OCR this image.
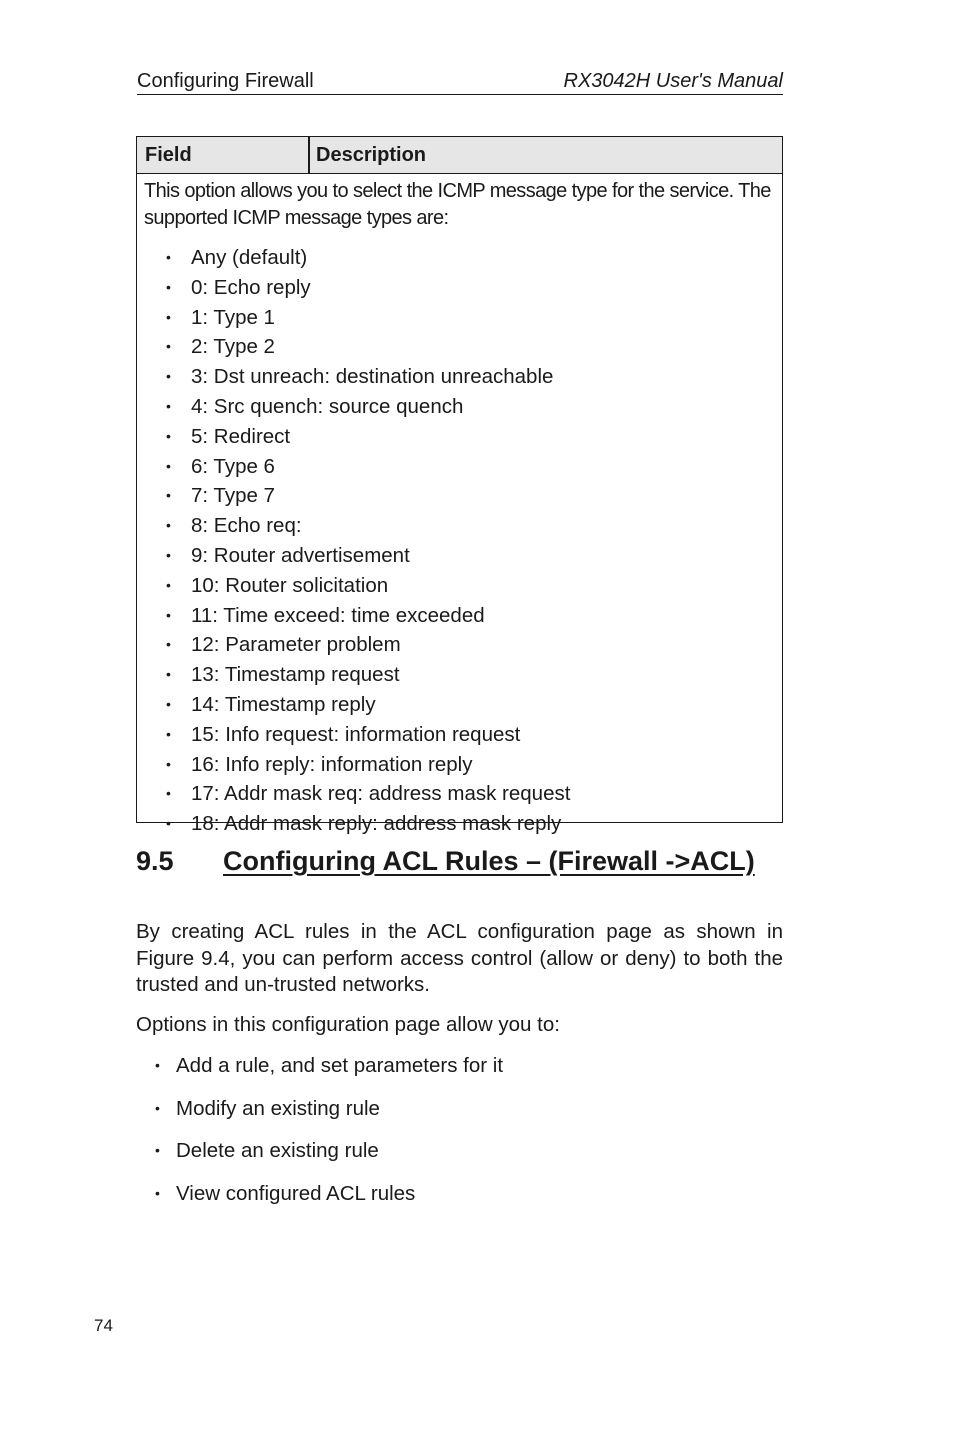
Configuring Firewall	RX3042H User's Manual
Field	Description

This option allows you to select the ICMP message type for the service. The supported ICMP message types are:

• Any (default)
• 0: Echo reply
• 1: Type 1
• 2: Type 2
• 3: Dst unreach: destination unreachable
• 4: Src quench: source quench
• 5: Redirect
• 6: Type 6
• 7: Type 7
• 8: Echo req:
• 9: Router advertisement
• 10: Router solicitation
• 11: Time exceed: time exceeded
• 12: Parameter problem
• 13: Timestamp request
• 14: Timestamp reply
• 15: Info request: information request
• 16: Info reply: information reply
• 17: Addr mask req: address mask request
• 18: Addr mask reply: address mask reply
9.5 Configuring ACL Rules – (Firewall ->ACL)

By creating ACL rules in the ACL configuration page as shown in Figure 9.4, you can perform access control (allow or deny) to both the trusted and un-trusted networks.

Options in this configuration page allow you to:

• Add a rule, and set parameters for it
• Modify an existing rule
• Delete an existing rule
• View configured ACL rules
74
